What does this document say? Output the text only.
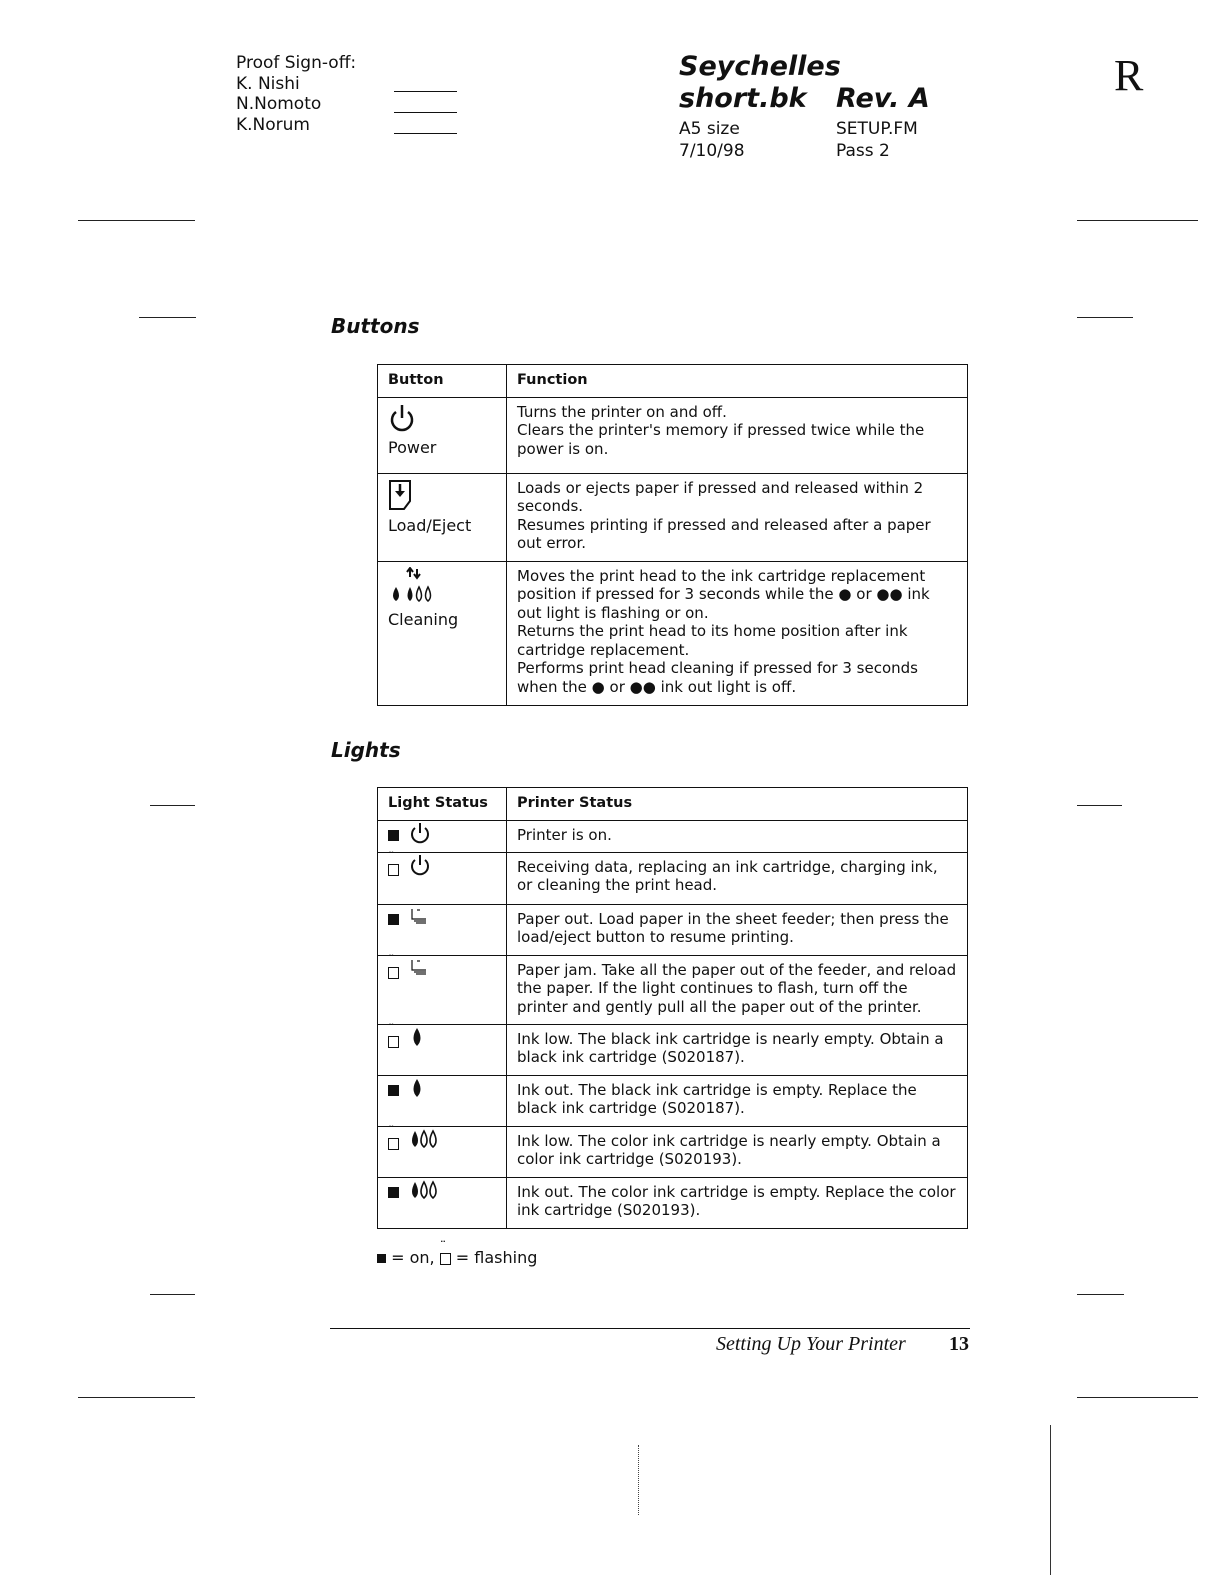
Proof Sign-off:
K. Nishi
N.Nomoto
K.Norum
Seychelles
short.bk Rev. A
A5 size
7/10/98
SETUP.FM
Pass 2
R
Buttons
Button	Function

Power	Turns the printer on and off.
Clears the printer's memory if pressed twice while the power is on.

Load/Eject	Loads or ejects paper if pressed and released within 2 seconds.
Resumes printing if pressed and released after a paper out error.

Cleaning	Moves the print head to the ink cartridge replacement position if pressed for 3 seconds while the ● or ●● ink out light is flashing or on.
Returns the print head to its home position after ink cartridge replacement.
Performs print head cleaning if pressed for 3 seconds when the ● or ●● ink out light is off.
Lights
Light Status	Printer Status

	Printer is on.

¨
	Receiving data, replacing an ink cartridge, charging ink, or cleaning the print head.

	Paper out. Load paper in the sheet feeder; then press the load/eject button to resume printing.

¨
	Paper jam. Take all the paper out of the feeder, and reload the paper. If the light continues to flash, turn off the printer and gently pull all the paper out of the printer.

¨
	Ink low. The black ink cartridge is nearly empty. Obtain a black ink cartridge (S020187).

	Ink out. The black ink cartridge is empty. Replace the black ink cartridge (S020187).

¨
	Ink low. The color ink cartridge is nearly empty. Obtain a color ink cartridge (S020193).

	Ink out. The color ink cartridge is empty. Replace the color ink cartridge (S020193).
= on, ¨ = flashing
Setting Up Your Printer 13
